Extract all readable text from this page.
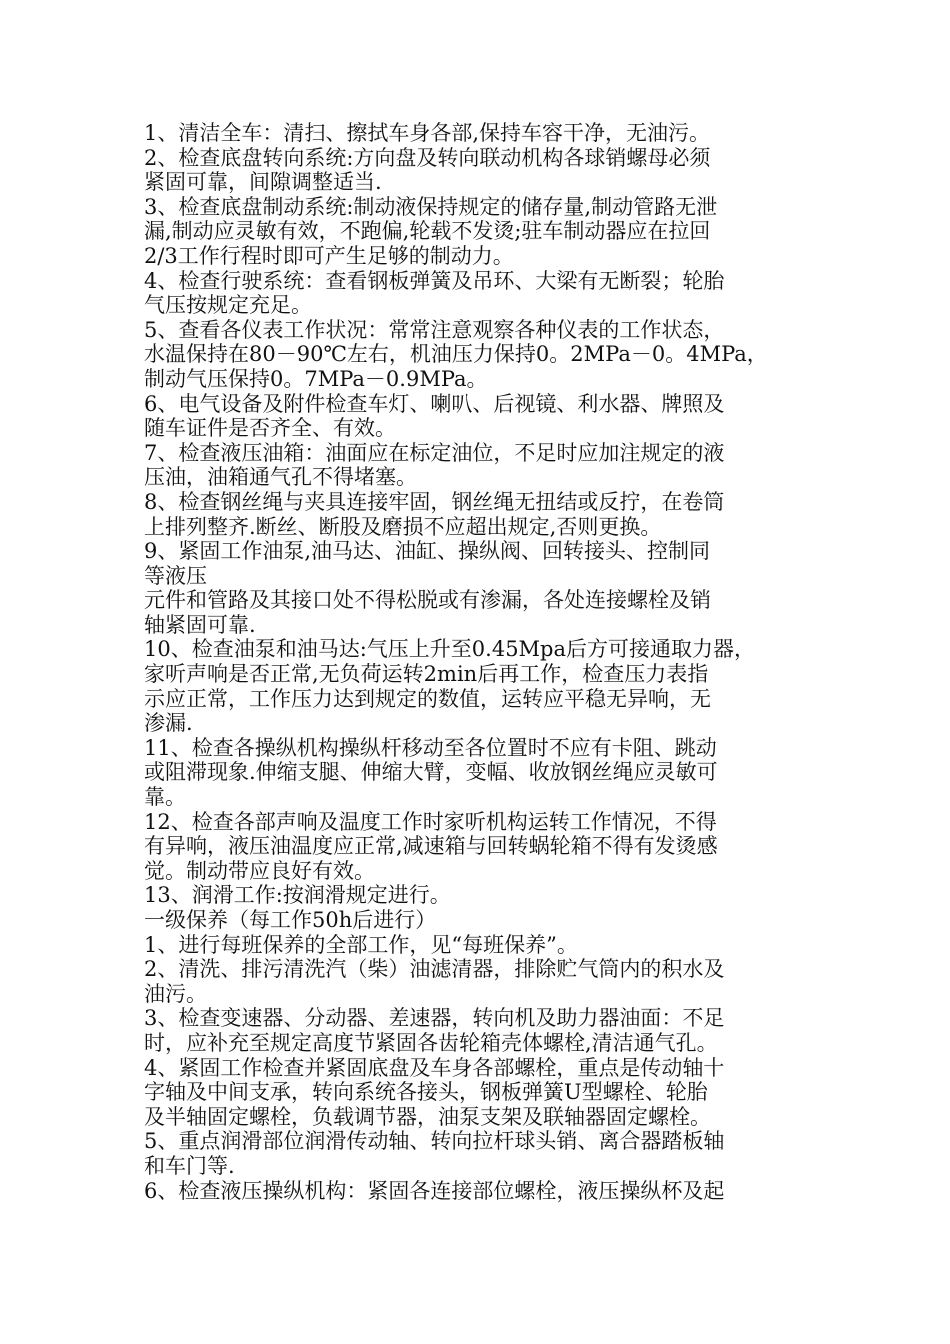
1、清洁全车：清扫、擦拭车身各部,保持车容干净，无油污。
2、检查底盘转向系统:方向盘及转向联动机构各球销螺母必须
紧固可靠，间隙调整适当.
3、检查底盘制动系统:制动液保持规定的储存量,制动管路无泄
漏,制动应灵敏有效，不跑偏,轮载不发烫;驻车制动器应在拉回
2/3工作行程时即可产生足够的制动力。
4、检查行驶系统：查看钢板弹簧及吊环、大梁有无断裂；轮胎
气压按规定充足。
5、查看各仪表工作状况：常常注意观察各种仪表的工作状态，
水温保持在80－90℃左右，机油压力保持0。2MPa－0。4MPa，
制动气压保持0。7MPa－0.9MPa。
6、电气设备及附件检查车灯、喇叭、后视镜、利水器、牌照及
随车证件是否齐全、有效。
7、检查液压油箱：油面应在标定油位，不足时应加注规定的液
压油，油箱通气孔不得堵塞。
8、检查钢丝绳与夹具连接牢固，钢丝绳无扭结或反拧，在卷筒
上排列整齐.断丝、断股及磨损不应超出规定,否则更换。
9、紧固工作油泵,油马达、油缸、操纵阀、回转接头、控制同
等液压
元件和管路及其接口处不得松脱或有渗漏，各处连接螺栓及销
轴紧固可靠.
10、检查油泵和油马达:气压上升至0.45Mpa后方可接通取力器，
家听声响是否正常,无负荷运转2min后再工作，检查压力表指
示应正常，工作压力达到规定的数值，运转应平稳无异响，无
渗漏.
11、检查各操纵机构操纵杆移动至各位置时不应有卡阻、跳动
或阻滞现象.伸缩支腿、伸缩大臂，变幅、收放钢丝绳应灵敏可
靠。
12、检查各部声响及温度工作时家听机构运转工作情况，不得
有异响，液压油温度应正常,减速箱与回转蜗轮箱不得有发烫感
觉。制动带应良好有效。
13、润滑工作:按润滑规定进行。
一级保养（每工作50h后进行）
1、进行每班保养的全部工作，见“每班保养”。
2、清洗、排污清洗汽（柴）油滤清器，排除贮气筒内的积水及
油污。
3、检查变速器、分动器、差速器，转向机及助力器油面：不足
时，应补充至规定高度节紧固各齿轮箱壳体螺栓,清洁通气孔。
4、紧固工作检查并紧固底盘及车身各部螺栓，重点是传动轴十
字轴及中间支承，转向系统各接头，钢板弹簧U型螺栓、轮胎
及半轴固定螺栓，负载调节器，油泵支架及联轴器固定螺栓。
5、重点润滑部位润滑传动轴、转向拉杆球头销、离合器踏板轴
和车门等.
6、检查液压操纵机构：紧固各连接部位螺栓，液压操纵杯及起
